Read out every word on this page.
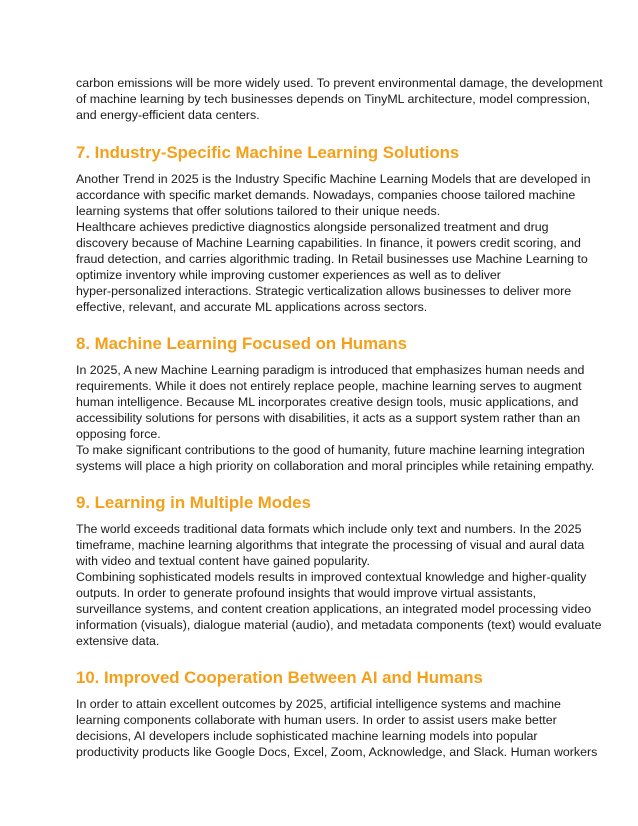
carbon emissions will be more widely used. To prevent environmental damage, the development
of machine learning by tech businesses depends on TinyML architecture, model compression,
and energy-efficient data centers.

7. Industry-Specific Machine Learning Solutions

Another Trend in 2025 is the Industry Specific Machine Learning Models that are developed in
accordance with specific market demands. Nowadays, companies choose tailored machine
learning systems that offer solutions tailored to their unique needs.
Healthcare achieves predictive diagnostics alongside personalized treatment and drug
discovery because of Machine Learning capabilities. In finance, it powers credit scoring, and
fraud detection, and carries algorithmic trading. In Retail businesses use Machine Learning to
optimize inventory while improving customer experiences as well as to deliver
hyper-personalized interactions. Strategic verticalization allows businesses to deliver more
effective, relevant, and accurate ML applications across sectors.

8. Machine Learning Focused on Humans

In 2025, A new Machine Learning paradigm is introduced that emphasizes human needs and
requirements. While it does not entirely replace people, machine learning serves to augment
human intelligence. Because ML incorporates creative design tools, music applications, and
accessibility solutions for persons with disabilities, it acts as a support system rather than an
opposing force.
To make significant contributions to the good of humanity, future machine learning integration
systems will place a high priority on collaboration and moral principles while retaining empathy.

9. Learning in Multiple Modes

The world exceeds traditional data formats which include only text and numbers. In the 2025
timeframe, machine learning algorithms that integrate the processing of visual and aural data
with video and textual content have gained popularity.
Combining sophisticated models results in improved contextual knowledge and higher-quality
outputs. In order to generate profound insights that would improve virtual assistants,
surveillance systems, and content creation applications, an integrated model processing video
information (visuals), dialogue material (audio), and metadata components (text) would evaluate
extensive data.

10. Improved Cooperation Between AI and Humans

In order to attain excellent outcomes by 2025, artificial intelligence systems and machine
learning components collaborate with human users. In order to assist users make better
decisions, AI developers include sophisticated machine learning models into popular
productivity products like Google Docs, Excel, Zoom, Acknowledge, and Slack. Human workers
